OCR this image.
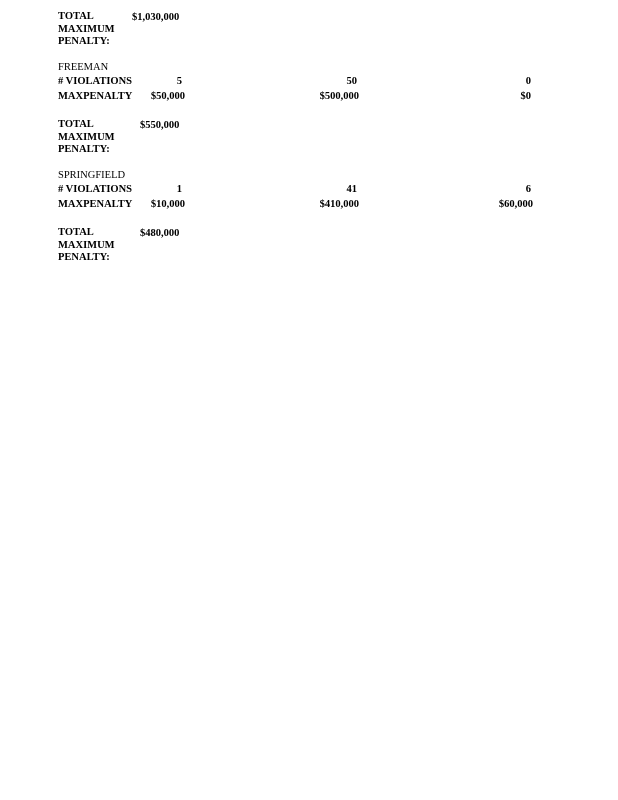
TOTAL MAXIMUM PENALTY:
$1,030,000
FREEMAN
# VIOLATIONS	5	50	0
MAXPENALTY	$50,000	$500,000	$0
TOTAL MAXIMUM PENALTY:
$550,000
SPRINGFIELD
# VIOLATIONS	1	41	6
MAXPENALTY	$10,000	$410,000	$60,000
TOTAL MAXIMUM PENALTY:
$480,000
